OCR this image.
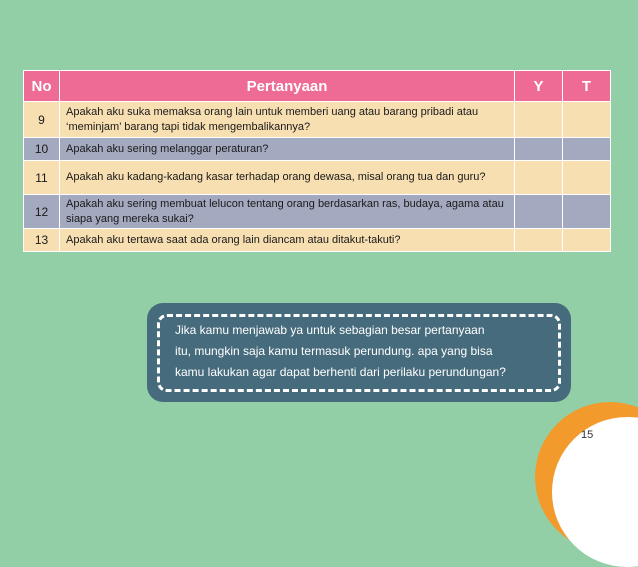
No	Pertanyaan	Y	T
9	Apakah aku suka memaksa orang lain untuk memberi uang atau barang pribadi atau ‘meminjam’ barang tapi tidak mengembalikannya?		
10	Apakah aku sering melanggar peraturan?		
11	Apakah aku kadang-kadang kasar terhadap orang dewasa, misal orang tua dan guru?		
12	Apakah aku sering membuat lelucon tentang orang berdasarkan ras, budaya, agama atau siapa yang mereka sukai?		
13	Apakah aku tertawa saat ada orang lain diancam atau ditakut-takuti?		
Jika kamu menjawab ya untuk sebagian besar pertanyaan
itu, mungkin saja kamu termasuk perundung. apa yang bisa
kamu lakukan agar dapat berhenti dari perilaku perundungan?
15
